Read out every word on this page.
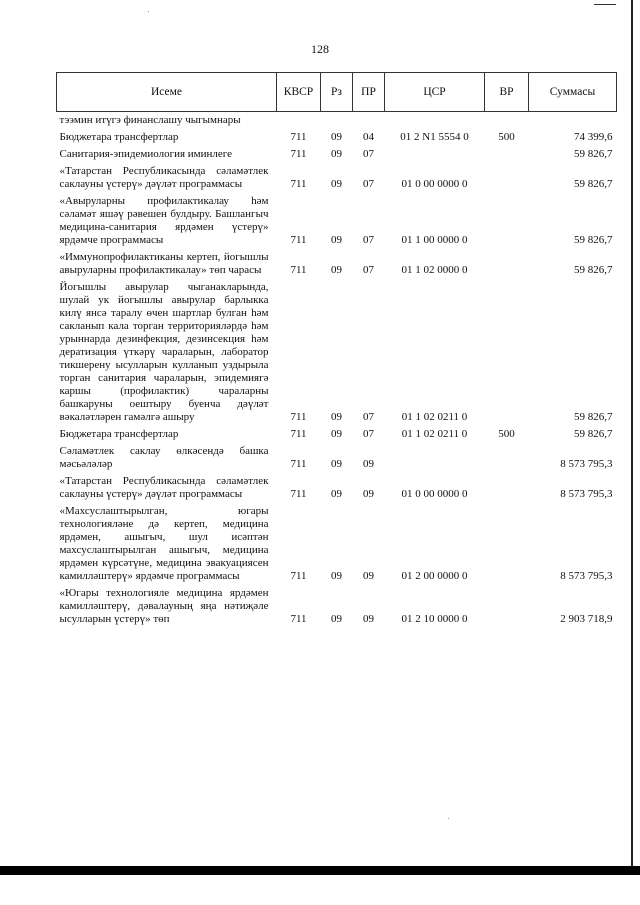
128
Исеме	КВСР	Рз	ПР	ЦСР	ВР	Суммасы
тээмин итүгэ финанслашу чыгымнары						
Бюджетара трансфертлар	711	09	04	01 2 N1 5554 0	500	74 399,6
Санитария-эпидемиология иминлеге	711	09	07			59 826,7
«Татарстан Республикасында сәламәтлек саклауны үстерү» дәүләт программасы	711	09	07	01 0 00 0000 0		59 826,7
«Авыруларны профилактикалау һәм сәламәт яшәү рәвешен булдыру. Башлангыч медицина-санитария ярдәмен үстерү» ярдәмче программасы	711	09	07	01 1 00 0000 0		59 826,7
«Иммунопрофилактиканы кертеп, йогышлы авыруларны профилактикалау» төп чарасы	711	09	07	01 1 02 0000 0		59 826,7
Йогышлы авырулар чыганакларында, шулай ук йогышлы авырулар барлыкка килү янсә таралу өчен шартлар булган һәм сакланып кала торган территорияләрдә һәм урыннарда дезинфекция, дезинсекция һәм дератизация үткәрү чараларын, лаборатор тикшерену ысулларын кулланып уздырыла торган санитария чараларын, эпидемиягә каршы (профилактик) чараларны башкаруны оештыру буенча дәүләт вәкаләтләрен гамәлгә ашыру	711	09	07	01 1 02 0211 0		59 826,7
Бюджетара трансфертлар	711	09	07	01 1 02 0211 0	500	59 826,7
Сәламәтлек саклау өлкәсендә башка мәсьәләләр	711	09	09			8 573 795,3
«Татарстан Республикасында сәламәтлек саклауны үстерү» дәүләт программасы	711	09	09	01 0 00 0000 0		8 573 795,3
«Махсуслаштырылган, югары технологияләне дә кертеп, медицина ярдәмен, ашыгыч, шул исәптән махсуслаштырылган ашыгыч, медицина ярдәмен күрсәтүне, медицина эвакуациясен камилләштерү» ярдәмче программасы	711	09	09	01 2 00 0000 0		8 573 795,3
«Югары технологияле медицина ярдәмен камилләштерү, дәвалауның яңа нәтиҗәле ысулларын үстерү» төп	711	09	09	01 2 10 0000 0		2 903 718,9
